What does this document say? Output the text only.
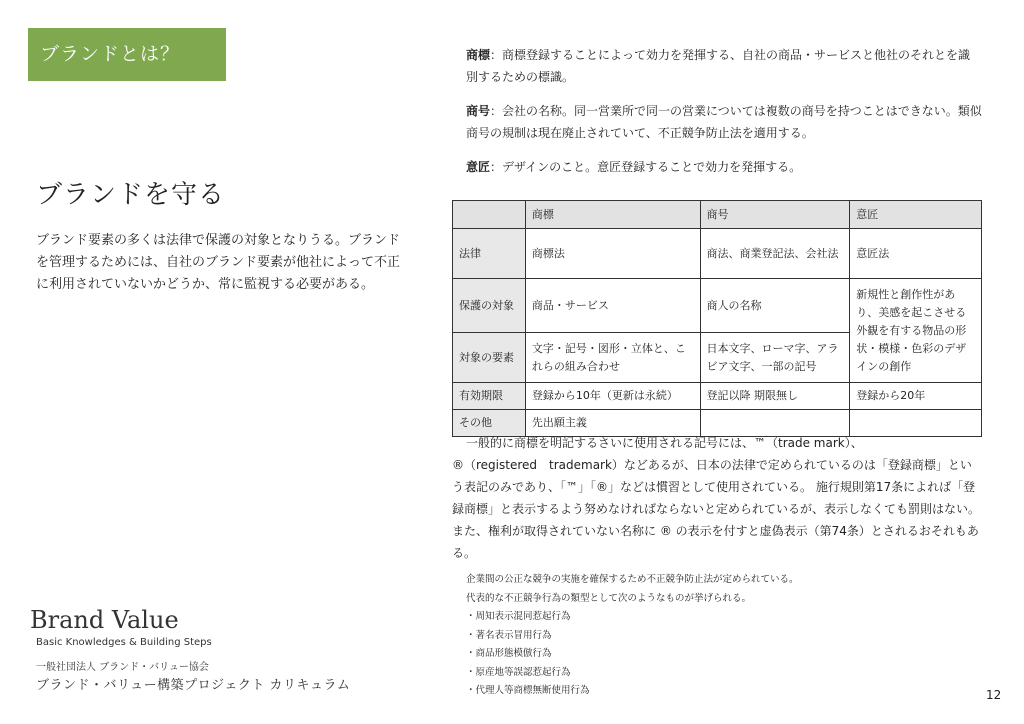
ブランドとは？
ブランドを守る
ブランド要素の多くは法律で保護の対象となりうる。ブランドを管理するためには、自社のブランド要素が他社によって不正に利用されていないかどうか、常に監視する必要がある。

商標：商標登録することによって効力を発揮する、自社の商品・サービスと他社のそれとを識別するための標識。

商号：会社の名称。同一営業所で同一の営業については複数の商号を持つことはできない。類似商号の規制は現在廃止されていて、不正競争防止法を適用する。

意匠：デザインのこと。意匠登録することで効力を発揮する。

	商標	商号	意匠
法律	商標法	商法、商業登記法、会社法	意匠法
保護の対象	商品・サービス	商人の名称	新規性と創作性があり、美感を起こさせる外観を有する物品の形状・模様・色彩のデザインの創作
対象の要素	文字・記号・図形・立体と、これらの組み合わせ	日本文字、ローマ字、アラビア文字、一部の記号	
有効期限	登録から10年（更新は永続）	登記以降 期限無し	登録から20年
その他	先出願主義		
一般的に商標を明記するさいに使用される記号には、™（trade mark）、
®（registered　trademark）などあるが、日本の法律で定められているのは「登録商標」という表記のみであり、「™」「®」などは慣習として使用されている。 施行規則第17条によれば「登録商標」と表示するよう努めなければならないと定められているが、表示しなくても罰則はない。また、権利が取得されていない名称に ® の表示を付すと虚偽表示（第74条）とされるおそれもある。
企業間の公正な競争の実施を確保するため不正競争防止法が定められている。
代表的な不正競争行為の類型として次のようなものが挙げられる。
・周知表示混同惹起行為
・著名表示冒用行為
・商品形態模倣行為
・原産地等誤認惹起行為
・代理人等商標無断使用行為
Brand Value
Basic Knowledges & Building Steps
一般社団法人 ブランド・バリュー協会
ブランド・バリュー構築プロジェクト カリキュラム
12
